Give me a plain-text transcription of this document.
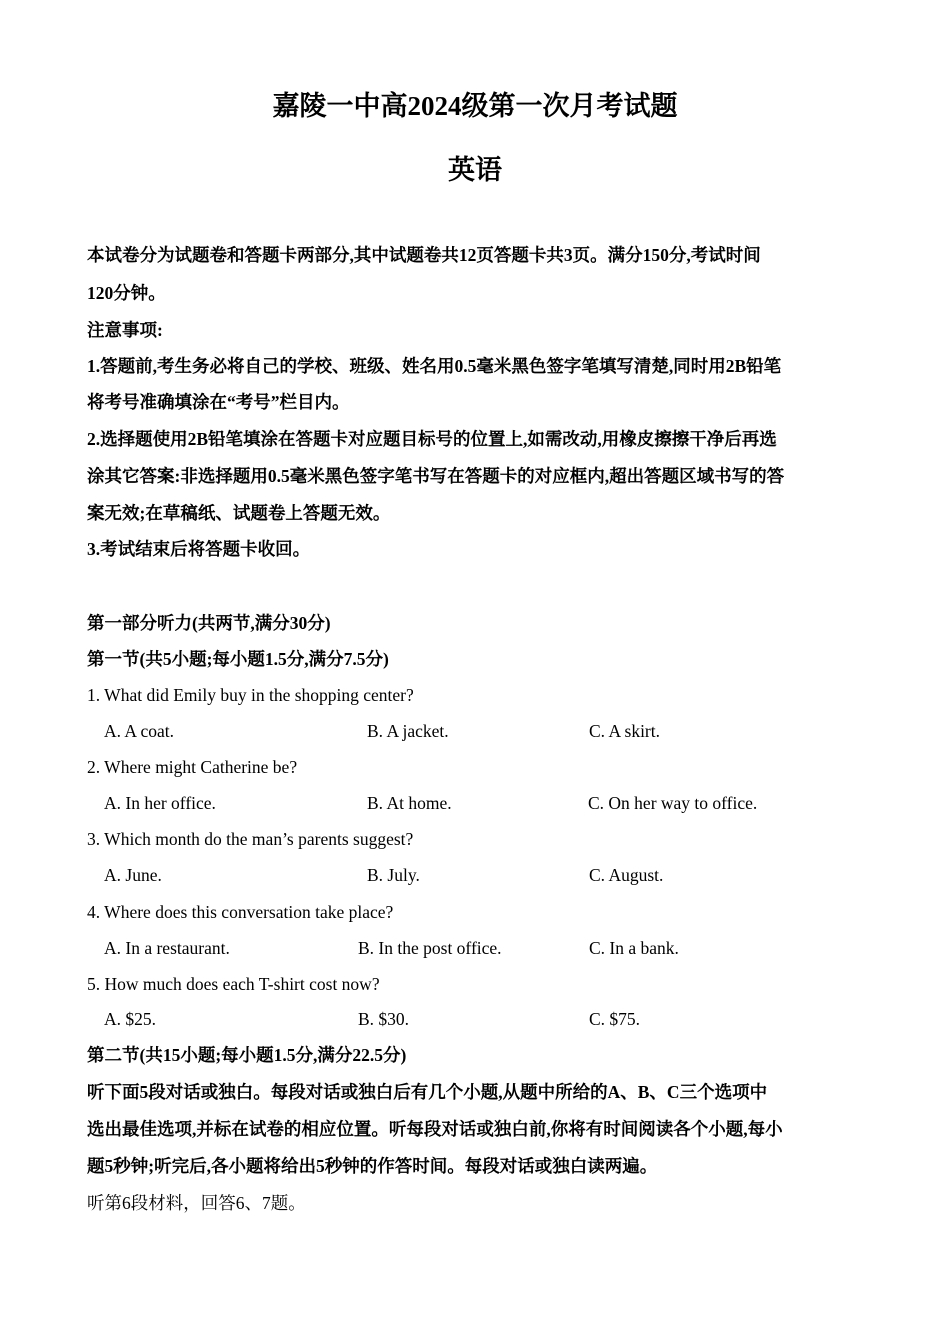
嘉陵一中高2024级第一次月考试题
英语
本试卷分为试题卷和答题卡两部分,其中试题卷共12页答题卡共3页。满分150分,考试时间
120分钟。
注意事项:
1.答题前,考生务必将自己的学校、班级、姓名用0.5毫米黑色签字笔填写清楚,同时用2B铅笔
将考号准确填涂在“考号”栏目内。
2.选择题使用2B铅笔填涂在答题卡对应题目标号的位置上,如需改动,用橡皮擦擦干净后再选
涂其它答案:非选择题用0.5毫米黑色签字笔书写在答题卡的对应框内,超出答题区域书写的答
案无效;在草稿纸、试题卷上答题无效。
3.考试结束后将答题卡收回。
第一部分听力(共两节,满分30分)
第一节(共5小题;每小题1.5分,满分7.5分)
1. What did Emily buy in the shopping center?
A. A coat.	B. A jacket.	C. A skirt.
2. Where might Catherine be?
A. In her office.	B. At home.	C. On her way to office.
3. Which month do the man’s parents suggest?
A. June.	B. July.	C. August.
4. Where does this conversation take place?
A. In a restaurant.	B. In the post office.	C. In a bank.
5. How much does each T-shirt cost now?
A. $25.	B. $30.	C. $75.
第二节(共15小题;每小题1.5分,满分22.5分)
听下面5段对话或独白。每段对话或独白后有几个小题,从题中所给的A、B、C三个选项中
选出最佳选项,并标在试卷的相应位置。听每段对话或独白前,你将有时间阅读各个小题,每小
题5秒钟;听完后,各小题将给出5秒钟的作答时间。每段对话或独白读两遍。
听第6段材料，回答6、7题。
